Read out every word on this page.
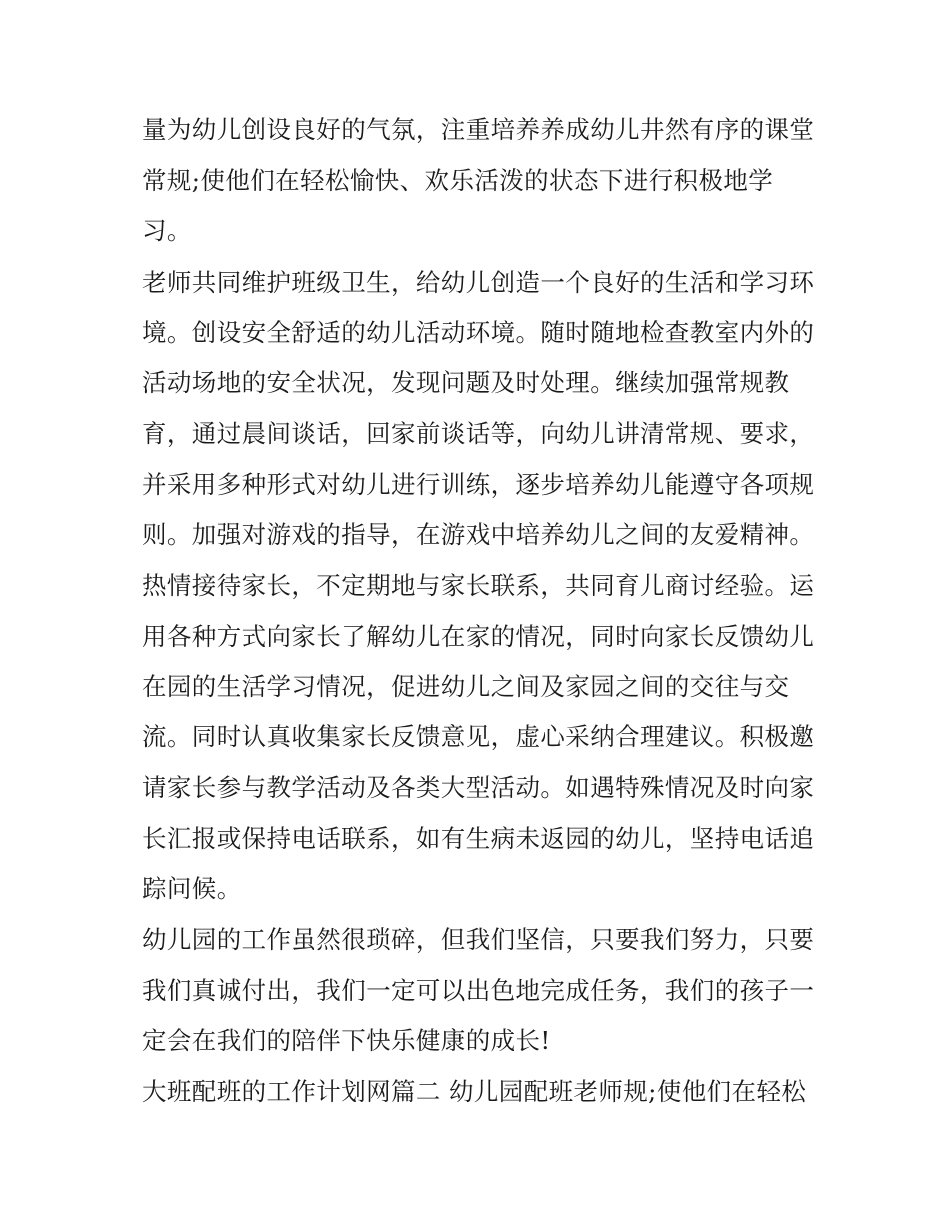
量为幼儿创设良好的气氛，注重培养养成幼儿井然有序的课堂
常规;使他们在轻松愉快、欢乐活泼的状态下进行积极地学
习。
老师共同维护班级卫生，给幼儿创造一个良好的生活和学习环
境。创设安全舒适的幼儿活动环境。随时随地检查教室内外的
活动场地的安全状况，发现问题及时处理。继续加强常规教
育，通过晨间谈话，回家前谈话等，向幼儿讲清常规、要求，
并采用多种形式对幼儿进行训练，逐步培养幼儿能遵守各项规
则。加强对游戏的指导，在游戏中培养幼儿之间的友爱精神。
热情接待家长，不定期地与家长联系，共同育儿商讨经验。运
用各种方式向家长了解幼儿在家的情况，同时向家长反馈幼儿
在园的生活学习情况，促进幼儿之间及家园之间的交往与交
流。同时认真收集家长反馈意见，虚心采纳合理建议。积极邀
请家长参与教学活动及各类大型活动。如遇特殊情况及时向家
长汇报或保持电话联系，如有生病未返园的幼儿，坚持电话追
踪问候。
幼儿园的工作虽然很琐碎，但我们坚信，只要我们努力，只要
我们真诚付出，我们一定可以出色地完成任务，我们的孩子一
定会在我们的陪伴下快乐健康的成长!
大班配班的工作计划网篇二 幼儿园配班老师规;使他们在轻松
